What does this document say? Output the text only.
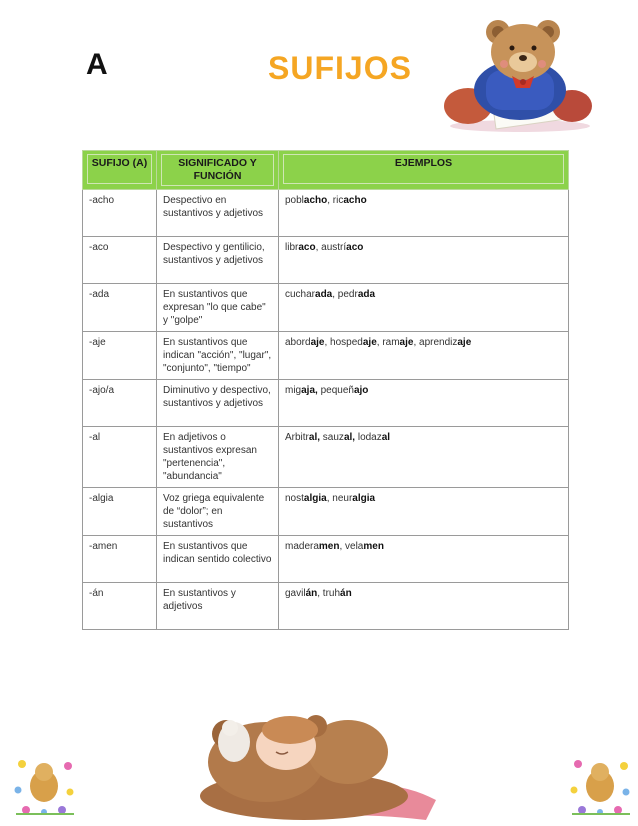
A	SUFIJOS
SUFIJO (A)	SIGNIFICADO Y FUNCIÓN	EJEMPLOS

-acho	Despectivo en sustantivos y adjetivos	poblacho, ricacho
-aco	Despectivo y gentilicio, sustantivos y adjetivos	libraco, austríaco
-ada	En sustantivos que expresan "lo que cabe" y "golpe"	cucharada, pedrada
-aje	En sustantivos que indican "acción", "lugar", "conjunto", "tiempo"	abordaje, hospedaje, ramaje, aprendizaje
-ajo/a	Diminutivo y despectivo, sustantivos y adjetivos	migaja, pequeñajo
-al	En adjetivos o sustantivos expresan "pertenencia", "abundancia"	Arbitral, sauzal, lodazal
-algia	Voz griega equivalente de “dolor”; en sustantivos	nostalgia, neuralgia
-amen	En sustantivos que indican sentido colectivo	maderamen, velamen
-án	En sustantivos y adjetivos	gavilán, truhán
